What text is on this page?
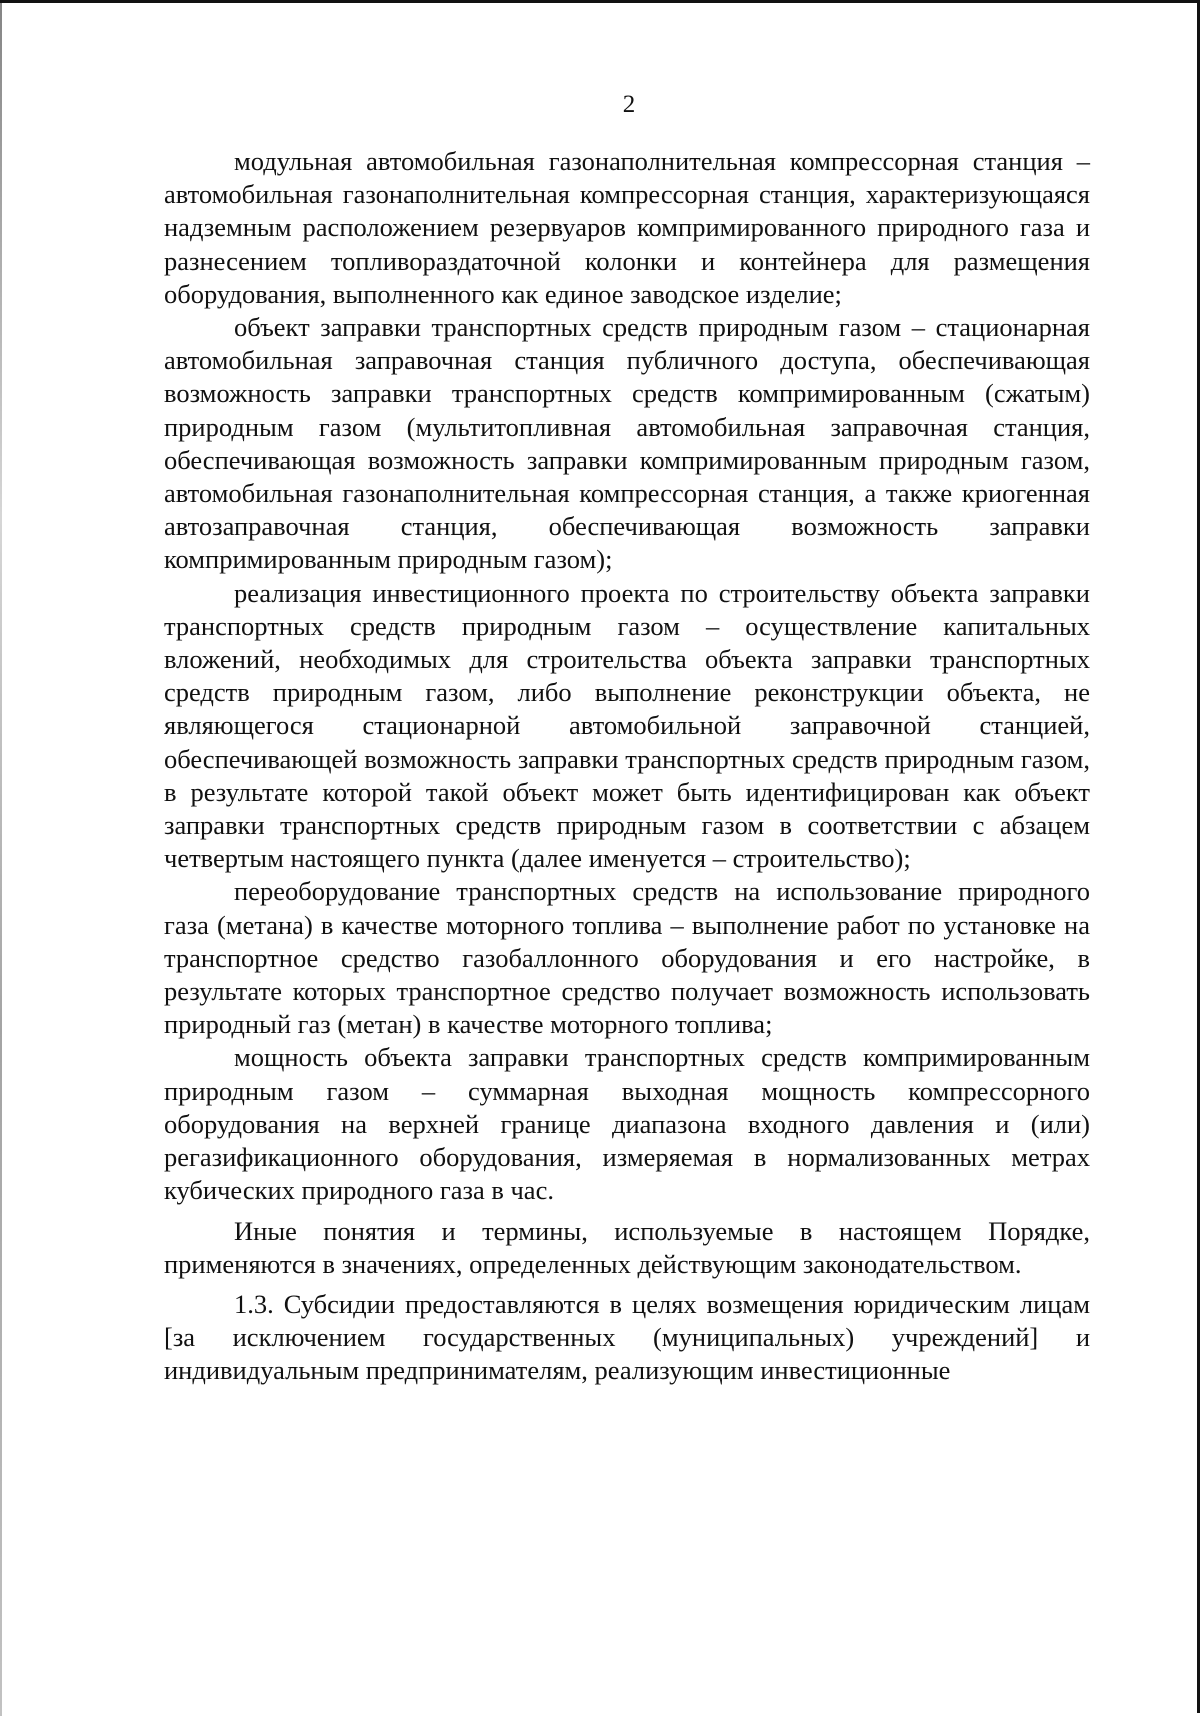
2

модульная автомобильная газонаполнительная компрессорная станция – автомобильная газонаполнительная компрессорная станция, характеризующаяся надземным расположением резервуаров компримированного природного газа и разнесением топливораздаточной колонки и контейнера для размещения оборудования, выполненного как единое заводское изделие;

объект заправки транспортных средств природным газом – стационарная автомобильная заправочная станция публичного доступа, обеспечивающая возможность заправки транспортных средств компримированным (сжатым) природным газом (мультитопливная автомобильная заправочная станция, обеспечивающая возможность заправки компримированным природным газом, автомобильная газонаполнительная компрессорная станция, а также криогенная автозаправочная станция, обеспечивающая возможность заправки компримированным природным газом);

реализация инвестиционного проекта по строительству объекта заправки транспортных средств природным газом – осуществление капитальных вложений, необходимых для строительства объекта заправки транспортных средств природным газом, либо выполнение реконструкции объекта, не являющегося стационарной автомобильной заправочной станцией, обеспечивающей возможность заправки транспортных средств природным газом, в результате которой такой объект может быть идентифицирован как объект заправки транспортных средств природным газом в соответствии с абзацем четвертым настоящего пункта (далее именуется – строительство);

переоборудование транспортных средств на использование природного газа (метана) в качестве моторного топлива – выполнение работ по установке на транспортное средство газобаллонного оборудования и его настройке, в результате которых транспортное средство получает возможность использовать природный газ (метан) в качестве моторного топлива;

мощность объекта заправки транспортных средств компримированным природным газом – суммарная выходная мощность компрессорного оборудования на верхней границе диапазона входного давления и (или) регазификационного оборудования, измеряемая в нормализованных метрах кубических природного газа в час.

Иные понятия и термины, используемые в настоящем Порядке, применяются в значениях, определенных действующим законодательством.

1.3. Субсидии предоставляются в целях возмещения юридическим лицам [за исключением государственных (муниципальных) учреждений] и индивидуальным предпринимателям, реализующим инвестиционные
